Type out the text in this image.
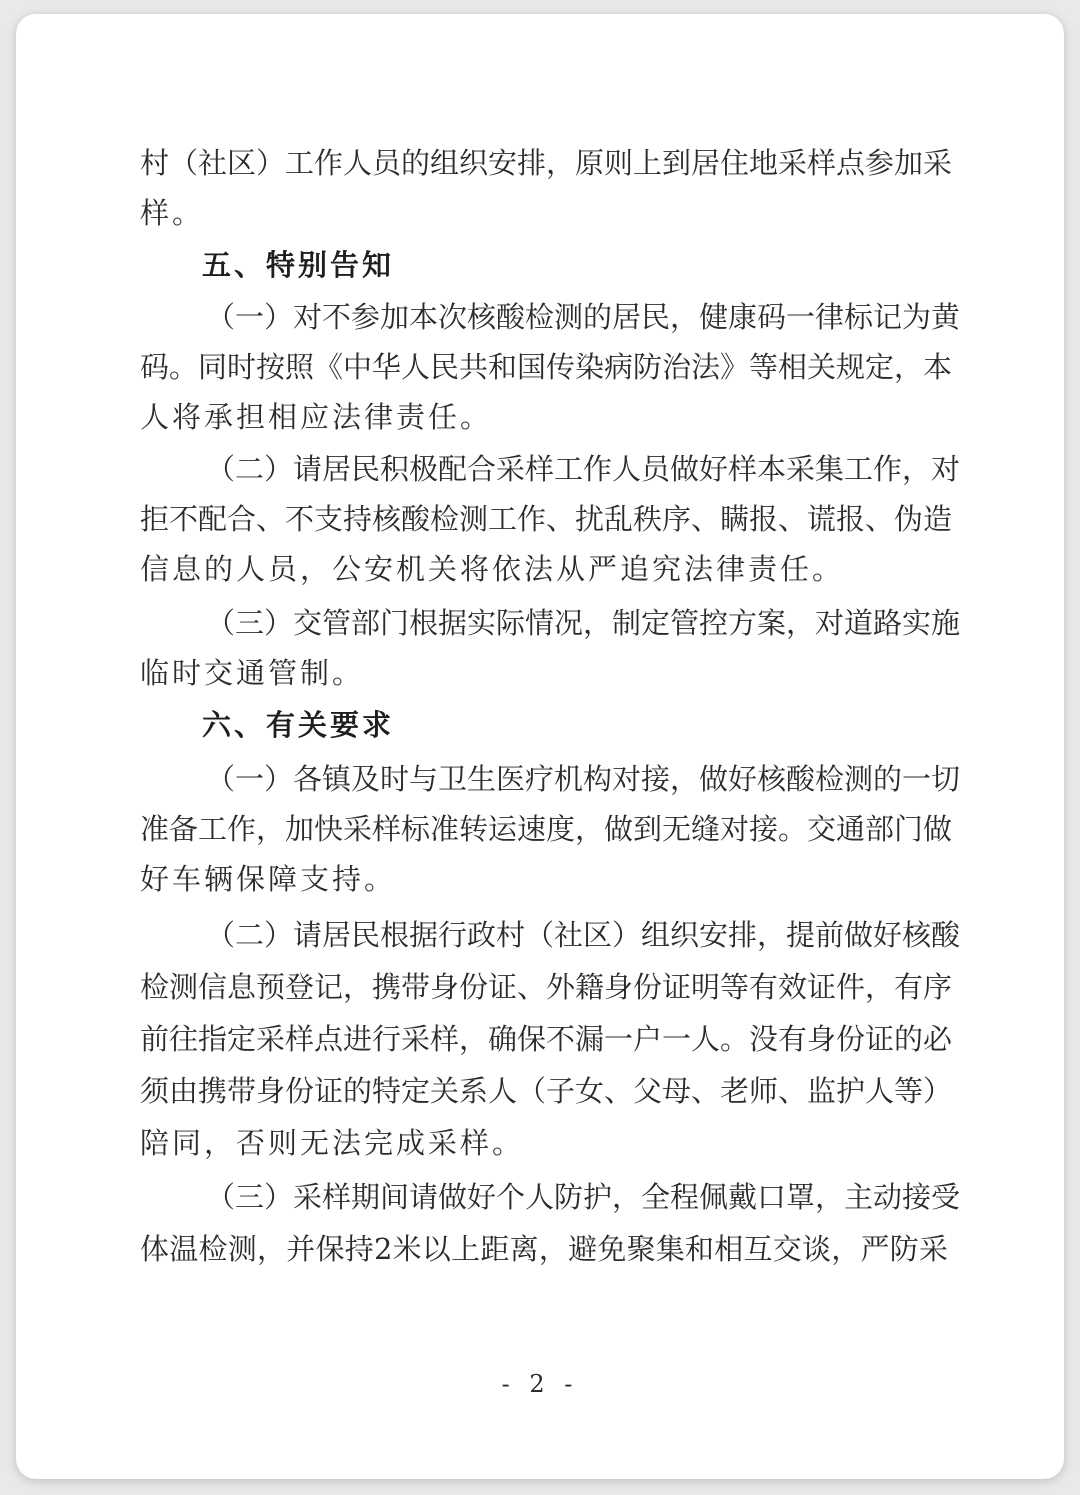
村（社区）工作人员的组织安排，原则上到居住地采样点参加采
样。
五、特别告知
（一）对不参加本次核酸检测的居民，健康码一律标记为黄
码。同时按照《中华人民共和国传染病防治法》等相关规定，本
人将承担相应法律责任。
（二）请居民积极配合采样工作人员做好样本采集工作，对
拒不配合、不支持核酸检测工作、扰乱秩序、瞒报、谎报、伪造
信息的人员，公安机关将依法从严追究法律责任。
（三）交管部门根据实际情况，制定管控方案，对道路实施
临时交通管制。
六、有关要求
（一）各镇及时与卫生医疗机构对接，做好核酸检测的一切
准备工作，加快采样标准转运速度，做到无缝对接。交通部门做
好车辆保障支持。
（二）请居民根据行政村（社区）组织安排，提前做好核酸
检测信息预登记，携带身份证、外籍身份证明等有效证件，有序
前往指定采样点进行采样，确保不漏一户一人。没有身份证的必
须由携带身份证的特定关系人（子女、父母、老师、监护人等）
陪同，否则无法完成采样。
（三）采样期间请做好个人防护，全程佩戴口罩，主动接受
体温检测，并保持2米以上距离，避免聚集和相互交谈，严防采
- 2 -
